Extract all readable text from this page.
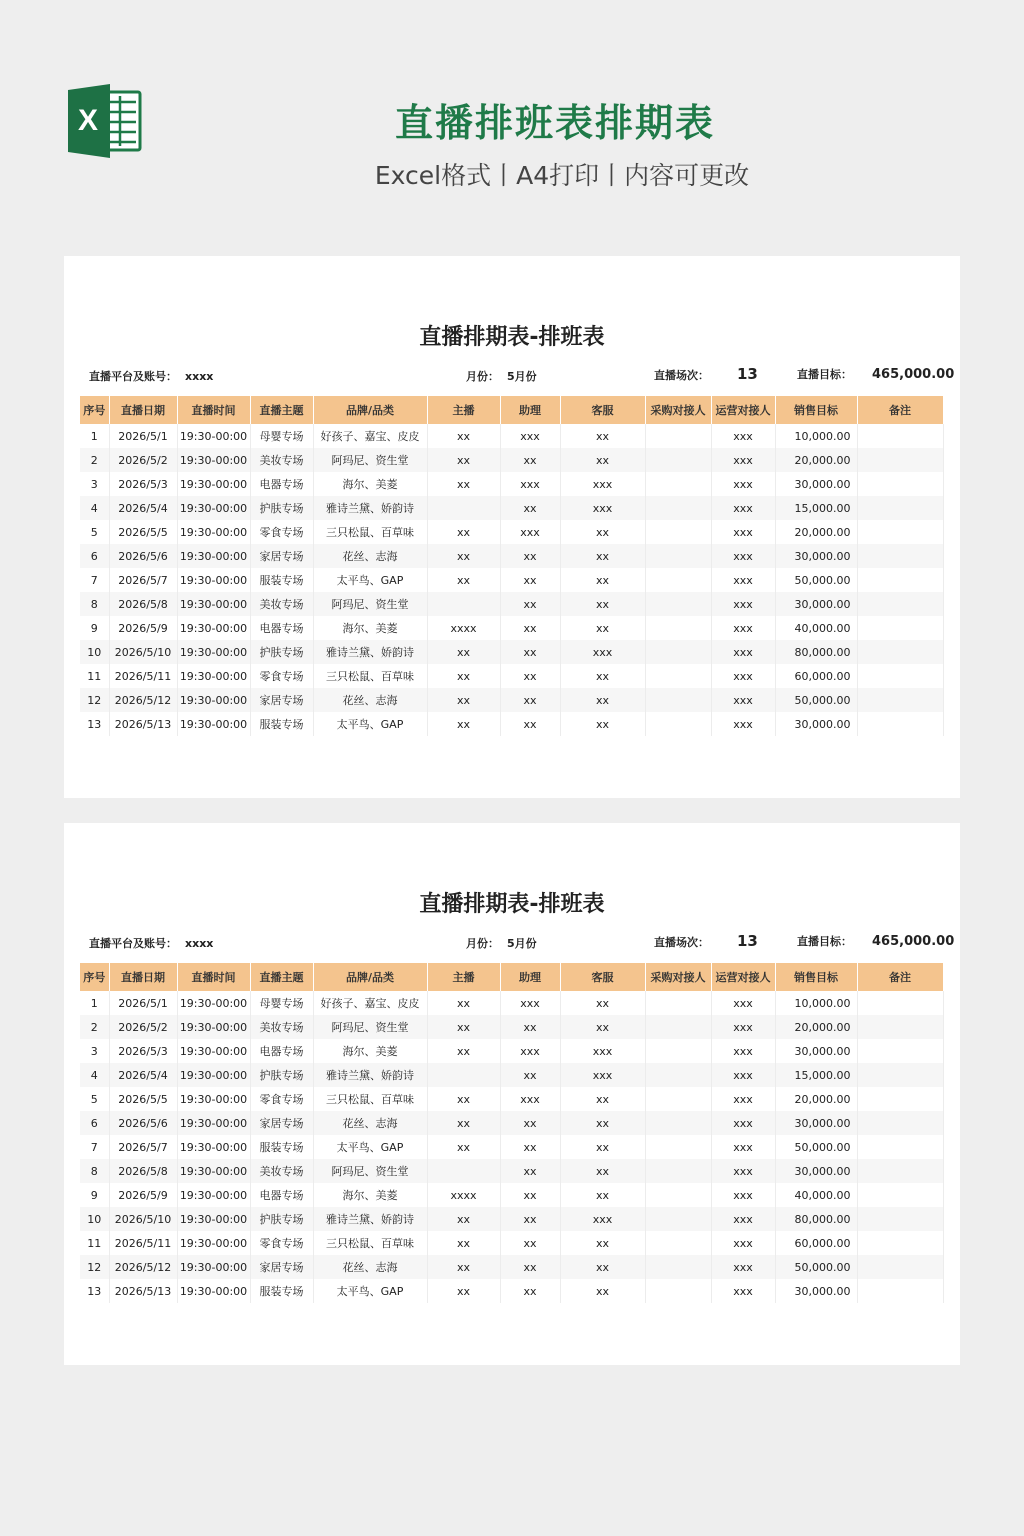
X	直播排班表排期表
Excel格式丨A4打印丨内容可更改
直播排期表-排班表
直播平台及账号： xxxx	月份： 5月份	直播场次： 13	直播目标： 465,000.00
序号	直播日期	直播时间	直播主题	品牌/品类	主播	助理	客服	采购对接人	运营对接人	销售目标	备注
1	2026/5/1	19:30-00:00	母婴专场	好孩子、嘉宝、皮皮	xx	xxx	xx		xxx	10,000.00	
2	2026/5/2	19:30-00:00	美妆专场	阿玛尼、资生堂	xx	xx	xx		xxx	20,000.00	
3	2026/5/3	19:30-00:00	电器专场	海尔、美菱	xx	xxx	xxx		xxx	30,000.00	
4	2026/5/4	19:30-00:00	护肤专场	雅诗兰黛、娇韵诗		xx	xxx		xxx	15,000.00	
5	2026/5/5	19:30-00:00	零食专场	三只松鼠、百草味	xx	xxx	xx		xxx	20,000.00	
6	2026/5/6	19:30-00:00	家居专场	花丝、志海	xx	xx	xx		xxx	30,000.00	
7	2026/5/7	19:30-00:00	服装专场	太平鸟、GAP	xx	xx	xx		xxx	50,000.00	
8	2026/5/8	19:30-00:00	美妆专场	阿玛尼、资生堂		xx	xx		xxx	30,000.00	
9	2026/5/9	19:30-00:00	电器专场	海尔、美菱	xxxx	xx	xx		xxx	40,000.00	
10	2026/5/10	19:30-00:00	护肤专场	雅诗兰黛、娇韵诗	xx	xx	xxx		xxx	80,000.00	
11	2026/5/11	19:30-00:00	零食专场	三只松鼠、百草味	xx	xx	xx		xxx	60,000.00	
12	2026/5/12	19:30-00:00	家居专场	花丝、志海	xx	xx	xx		xxx	50,000.00	
13	2026/5/13	19:30-00:00	服装专场	太平鸟、GAP	xx	xx	xx		xxx	30,000.00	
直播排期表-排班表
直播平台及账号： xxxx	月份： 5月份	直播场次： 13	直播目标： 465,000.00
序号	直播日期	直播时间	直播主题	品牌/品类	主播	助理	客服	采购对接人	运营对接人	销售目标	备注
1	2026/5/1	19:30-00:00	母婴专场	好孩子、嘉宝、皮皮	xx	xxx	xx		xxx	10,000.00	
2	2026/5/2	19:30-00:00	美妆专场	阿玛尼、资生堂	xx	xx	xx		xxx	20,000.00	
3	2026/5/3	19:30-00:00	电器专场	海尔、美菱	xx	xxx	xxx		xxx	30,000.00	
4	2026/5/4	19:30-00:00	护肤专场	雅诗兰黛、娇韵诗		xx	xxx		xxx	15,000.00	
5	2026/5/5	19:30-00:00	零食专场	三只松鼠、百草味	xx	xxx	xx		xxx	20,000.00	
6	2026/5/6	19:30-00:00	家居专场	花丝、志海	xx	xx	xx		xxx	30,000.00	
7	2026/5/7	19:30-00:00	服装专场	太平鸟、GAP	xx	xx	xx		xxx	50,000.00	
8	2026/5/8	19:30-00:00	美妆专场	阿玛尼、资生堂		xx	xx		xxx	30,000.00	
9	2026/5/9	19:30-00:00	电器专场	海尔、美菱	xxxx	xx	xx		xxx	40,000.00	
10	2026/5/10	19:30-00:00	护肤专场	雅诗兰黛、娇韵诗	xx	xx	xxx		xxx	80,000.00	
11	2026/5/11	19:30-00:00	零食专场	三只松鼠、百草味	xx	xx	xx		xxx	60,000.00	
12	2026/5/12	19:30-00:00	家居专场	花丝、志海	xx	xx	xx		xxx	50,000.00	
13	2026/5/13	19:30-00:00	服装专场	太平鸟、GAP	xx	xx	xx		xxx	30,000.00	
